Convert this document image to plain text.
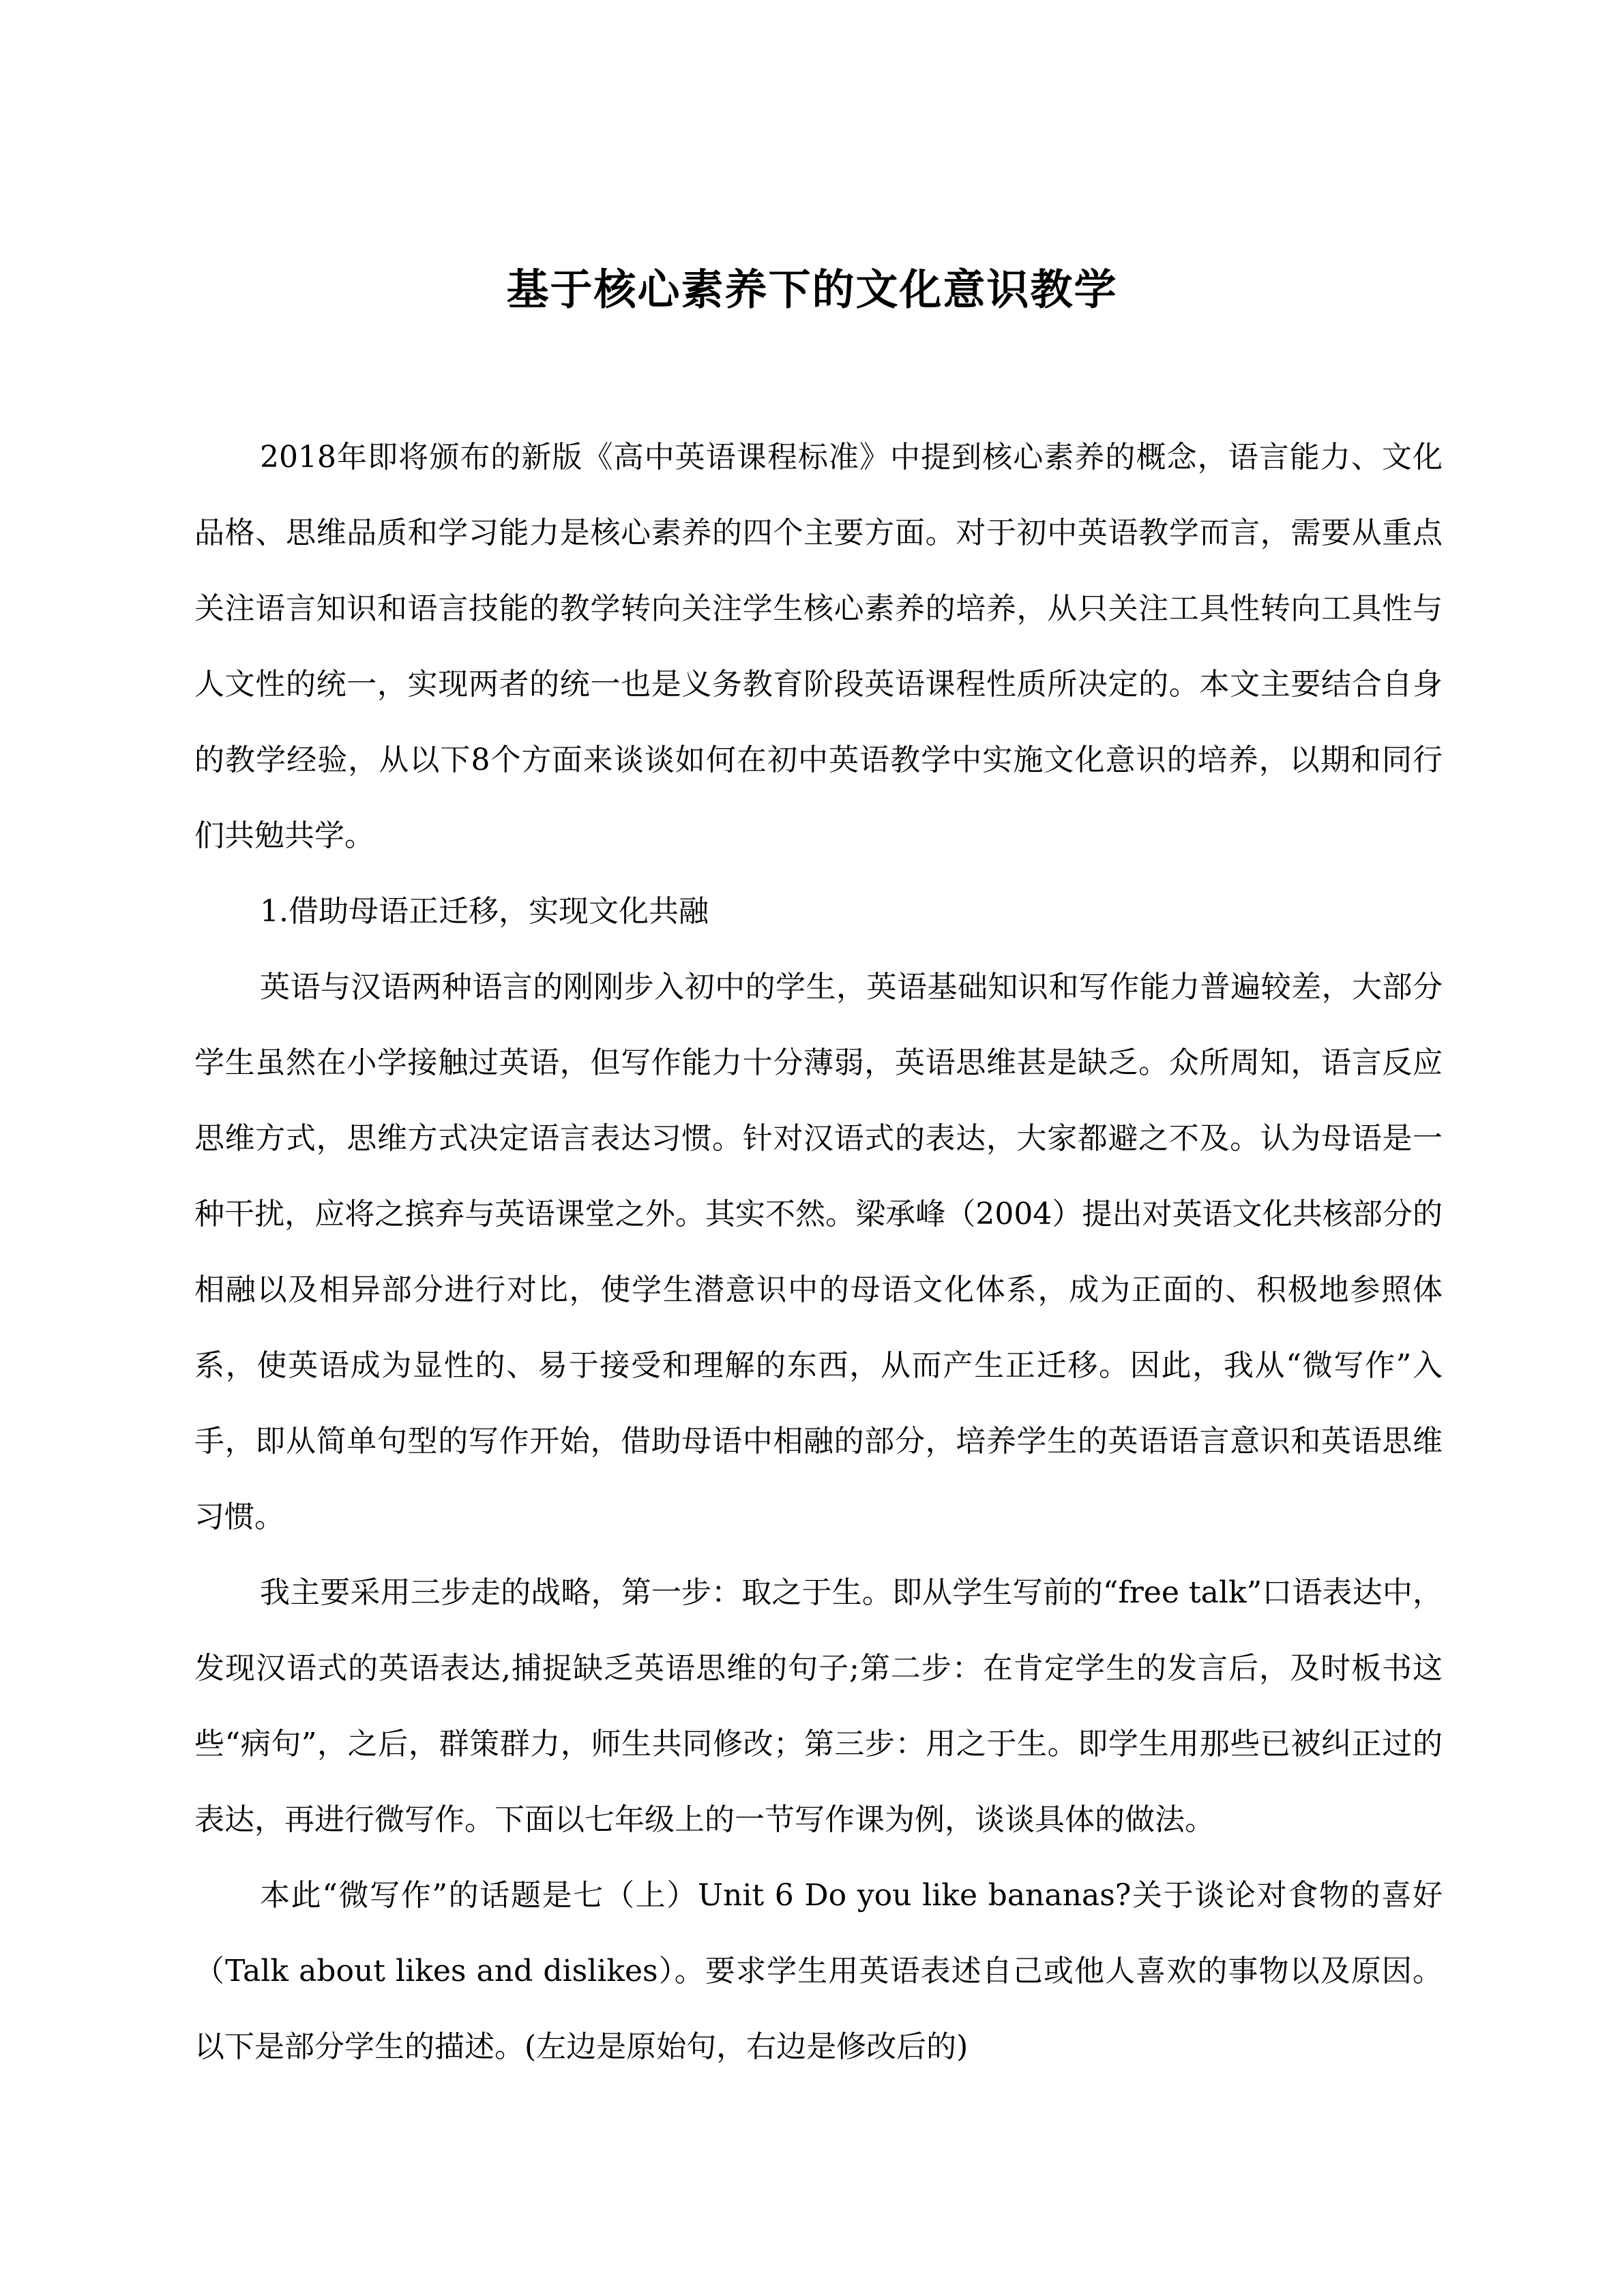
基于核心素养下的文化意识教学

2018年即将颁布的新版《高中英语课程标准》中提到核心素养的概念，语言能力、文化品格、思维品质和学习能力是核心素养的四个主要方面。对于初中英语教学而言，需要从重点关注语言知识和语言技能的教学转向关注学生核心素养的培养，从只关注工具性转向工具性与人文性的统一，实现两者的统一也是义务教育阶段英语课程性质所决定的。本文主要结合自身的教学经验，从以下8个方面来谈谈如何在初中英语教学中实施文化意识的培养，以期和同行们共勉共学。

1.借助母语正迁移，实现文化共融

英语与汉语两种语言的刚刚步入初中的学生，英语基础知识和写作能力普遍较差，大部分学生虽然在小学接触过英语，但写作能力十分薄弱，英语思维甚是缺乏。众所周知，语言反应思维方式，思维方式决定语言表达习惯。针对汉语式的表达，大家都避之不及。认为母语是一种干扰，应将之摈弃与英语课堂之外。其实不然。梁承峰（2004）提出对英语文化共核部分的相融以及相异部分进行对比，使学生潜意识中的母语文化体系，成为正面的、积极地参照体系，使英语成为显性的、易于接受和理解的东西，从而产生正迁移。因此，我从“微写作”入手，即从简单句型的写作开始，借助母语中相融的部分，培养学生的英语语言意识和英语思维习惯。

我主要采用三步走的战略，第一步：取之于生。即从学生写前的“free talk”口语表达中，发现汉语式的英语表达,捕捉缺乏英语思维的句子;第二步：在肯定学生的发言后，及时板书这些“病句”，之后，群策群力，师生共同修改；第三步：用之于生。即学生用那些已被纠正过的表达，再进行微写作。下面以七年级上的一节写作课为例，谈谈具体的做法。

本此“微写作”的话题是七（上）Unit 6 Do you like bananas?关于谈论对食物的喜好（Talk about likes and dislikes）。要求学生用英语表述自己或他人喜欢的事物以及原因。以下是部分学生的描述。(左边是原始句，右边是修改后的)
